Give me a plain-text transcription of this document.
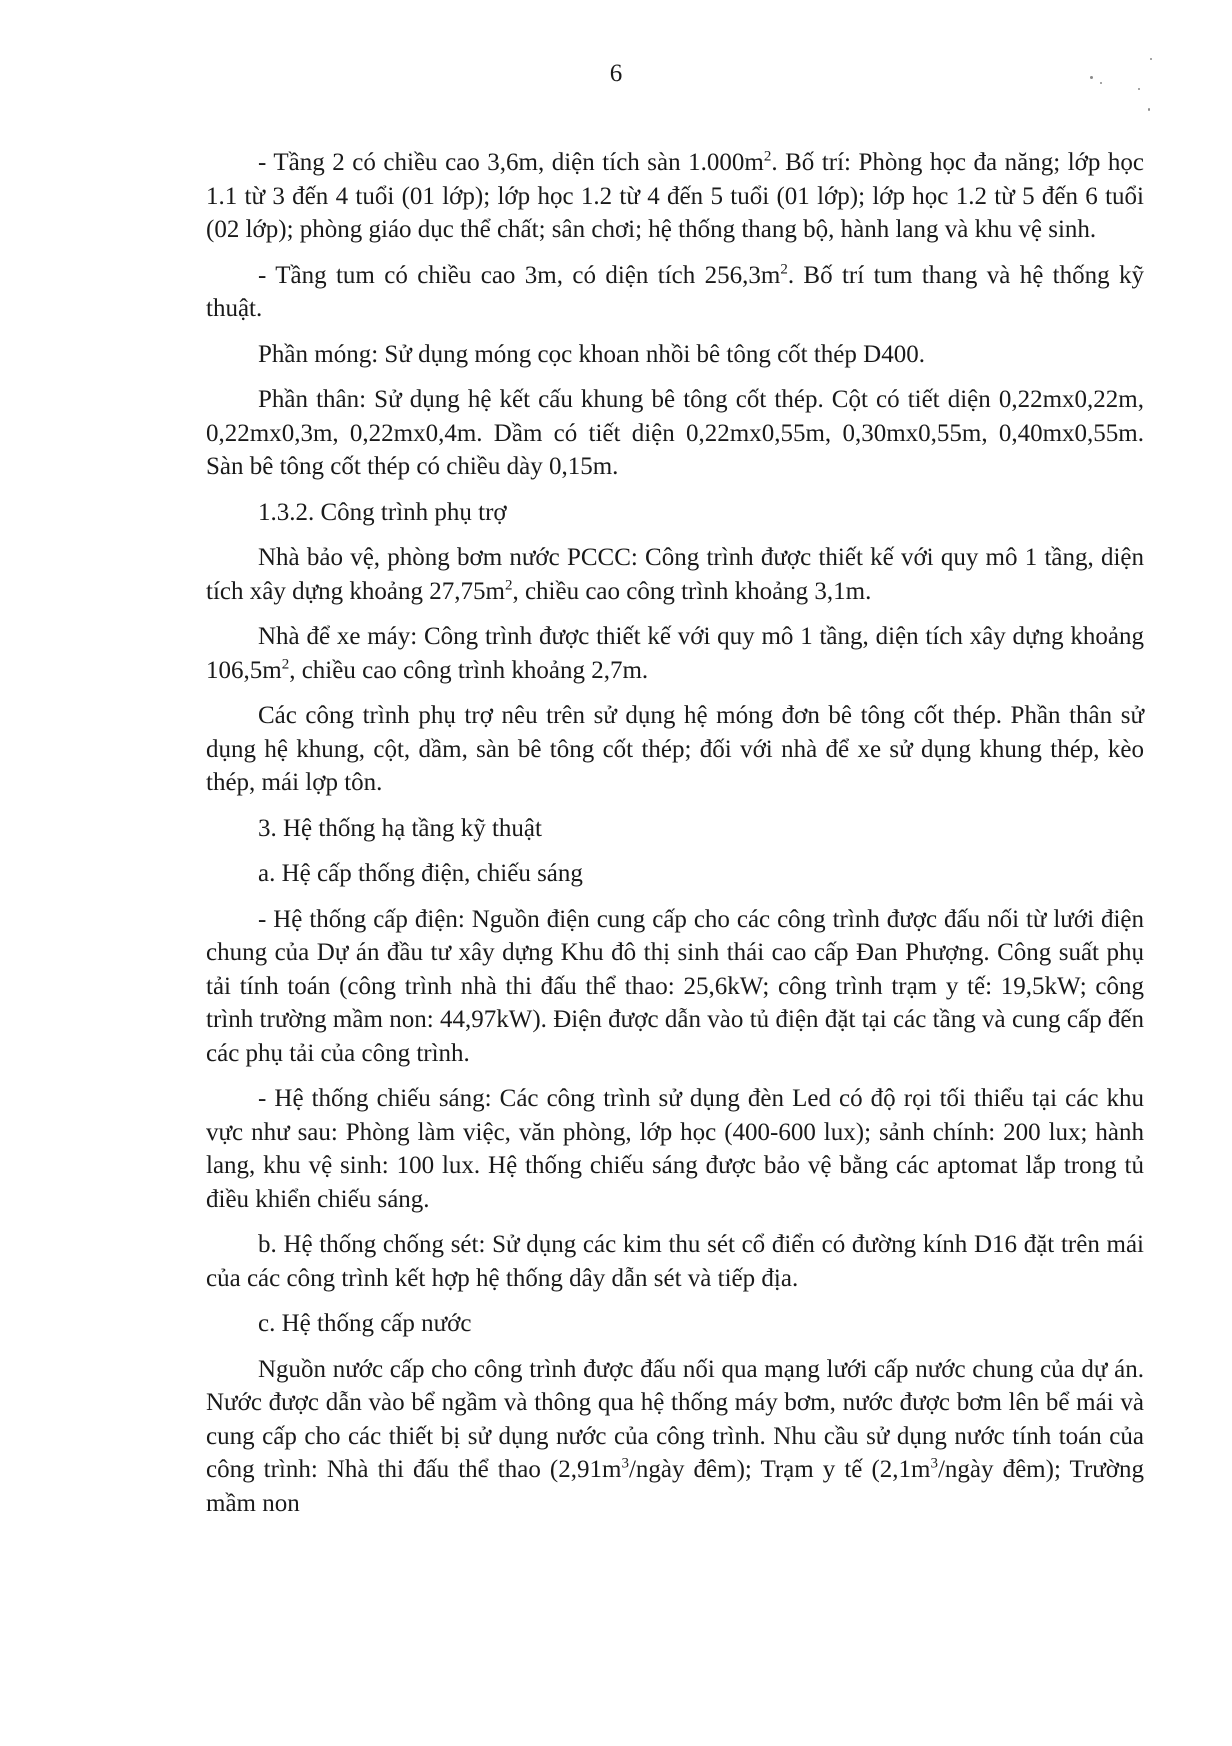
6

- Tầng 2 có chiều cao 3,6m, diện tích sàn $1.000m^2$. Bố trí: Phòng học đa năng; lớp học 1.1 từ 3 đến 4 tuổi (01 lớp); lớp học 1.2 từ 4 đến 5 tuổi (01 lớp); lớp học 1.2 từ 5 đến 6 tuổi (02 lớp); phòng giáo dục thể chất; sân chơi; hệ thống thang bộ, hành lang và khu vệ sinh.

- Tầng tum có chiều cao 3m, có diện tích $256,3m^2$. Bố trí tum thang và hệ thống kỹ thuật.

Phần móng: Sử dụng móng cọc khoan nhồi bê tông cốt thép D400.

Phần thân: Sử dụng hệ kết cấu khung bê tông cốt thép. Cột có tiết diện 0,22mx0,22m, 0,22mx0,3m, 0,22mx0,4m. Dầm có tiết diện 0,22mx0,55m, 0,30mx0,55m, 0,40mx0,55m. Sàn bê tông cốt thép có chiều dày 0,15m.

1.3.2. Công trình phụ trợ

Nhà bảo vệ, phòng bơm nước PCCC: Công trình được thiết kế với quy mô 1 tầng, diện tích xây dựng khoảng $27,75m^2$, chiều cao công trình khoảng 3,1m.

Nhà để xe máy: Công trình được thiết kế với quy mô 1 tầng, diện tích xây dựng khoảng $106,5m^2$, chiều cao công trình khoảng 2,7m.

Các công trình phụ trợ nêu trên sử dụng hệ móng đơn bê tông cốt thép. Phần thân sử dụng hệ khung, cột, dầm, sàn bê tông cốt thép; đối với nhà để xe sử dụng khung thép, kèo thép, mái lợp tôn.

3. Hệ thống hạ tầng kỹ thuật

a. Hệ cấp thống điện, chiếu sáng

- Hệ thống cấp điện: Nguồn điện cung cấp cho các công trình được đấu nối từ lưới điện chung của Dự án đầu tư xây dựng Khu đô thị sinh thái cao cấp Đan Phượng. Công suất phụ tải tính toán (công trình nhà thi đấu thể thao: 25,6kW; công trình trạm y tế: 19,5kW; công trình trường mầm non: 44,97kW). Điện được dẫn vào tủ điện đặt tại các tầng và cung cấp đến các phụ tải của công trình.

- Hệ thống chiếu sáng: Các công trình sử dụng đèn Led có độ rọi tối thiểu tại các khu vực như sau: Phòng làm việc, văn phòng, lớp học (400-600 lux); sảnh chính: 200 lux; hành lang, khu vệ sinh: 100 lux. Hệ thống chiếu sáng được bảo vệ bằng các aptomat lắp trong tủ điều khiển chiếu sáng.

b. Hệ thống chống sét: Sử dụng các kim thu sét cổ điển có đường kính D16 đặt trên mái của các công trình kết hợp hệ thống dây dẫn sét và tiếp địa.

c. Hệ thống cấp nước

Nguồn nước cấp cho công trình được đấu nối qua mạng lưới cấp nước chung của dự án. Nước được dẫn vào bể ngầm và thông qua hệ thống máy bơm, nước được bơm lên bể mái và cung cấp cho các thiết bị sử dụng nước của công trình. Nhu cầu sử dụng nước tính toán của công trình: Nhà thi đấu thể thao ($2,91m^3$/ngày đêm); Trạm y tế ($2,1m^3$/ngày đêm); Trường mầm non
